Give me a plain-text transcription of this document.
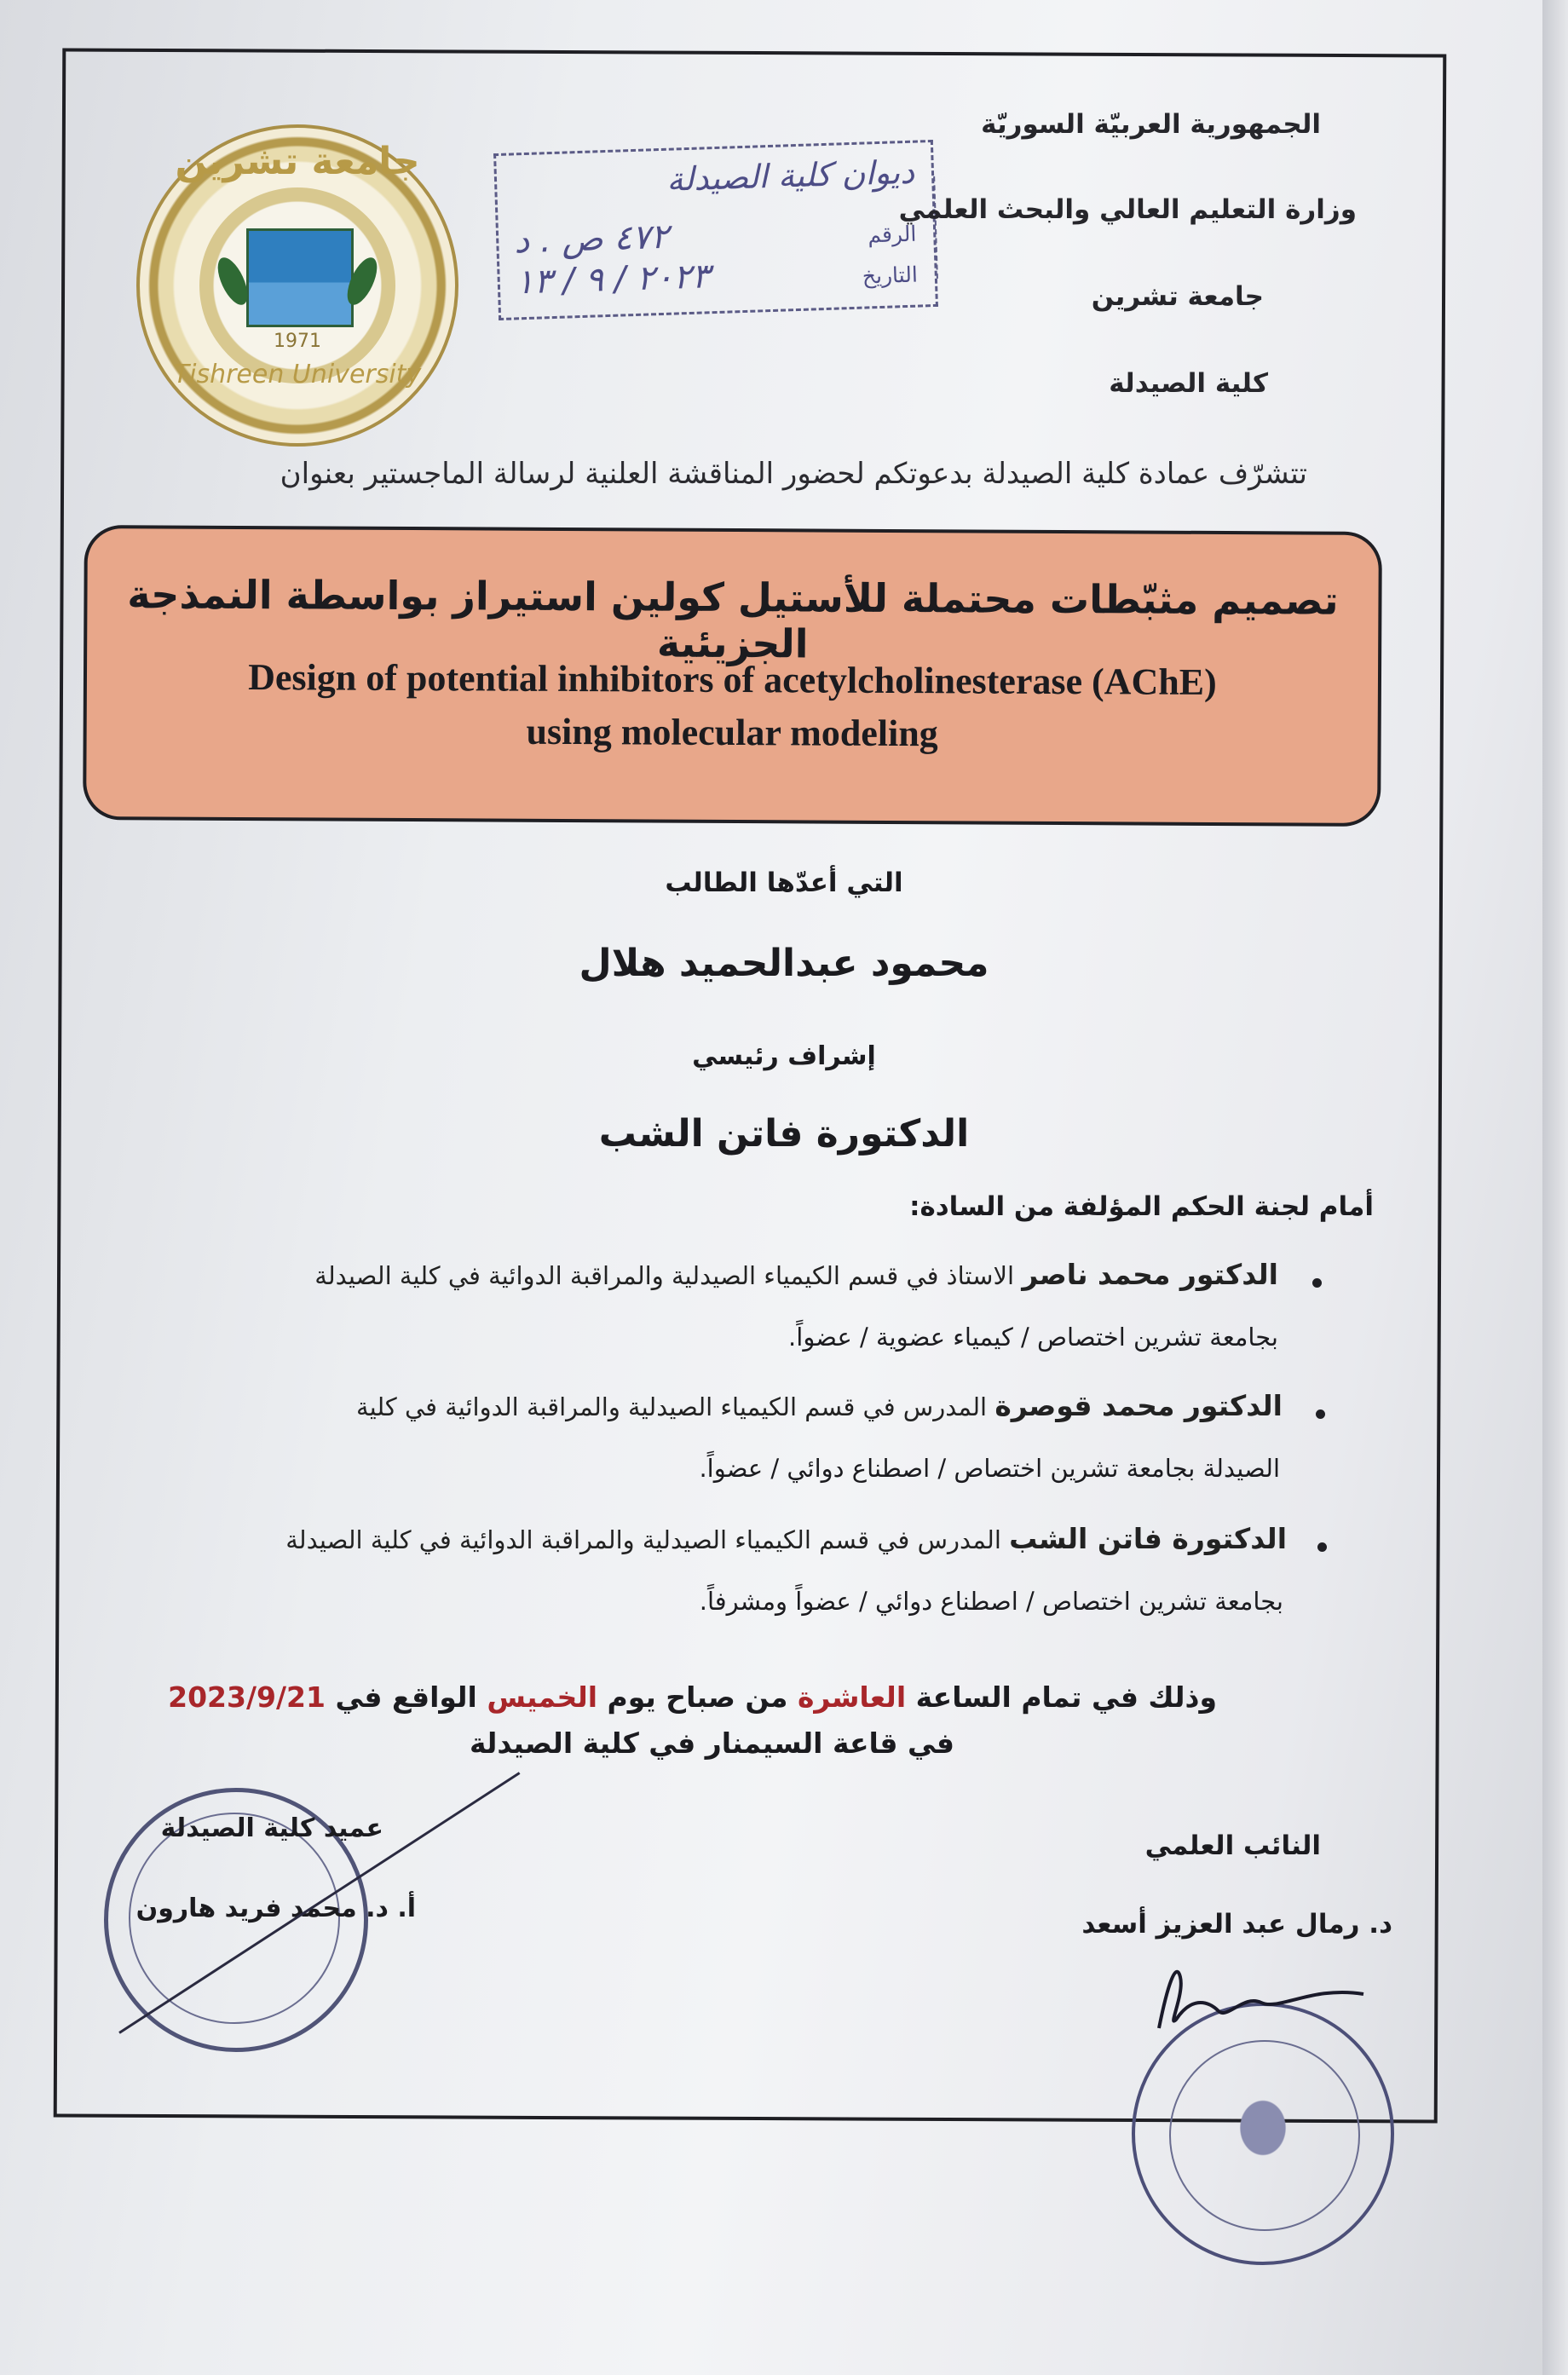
جامعة تشرين
1971
Tishreen University
ديوان كلية الصيدلة
الرقم
٤٧٢ ص . د
التاريخ
٢٠٢٣ / ٩ / ١٣
الجمهورية العربيّة السوريّة
وزارة التعليم العالي والبحث العلمي
جامعة تشرين
كلية الصيدلة
تتشرّف عمادة كلية الصيدلة بدعوتكم لحضور المناقشة العلنية لرسالة الماجستير بعنوان
تصميم مثبّطات محتملة للأستيل كولين استيراز بواسطة النمذجة الجزيئية
Design of potential inhibitors of acetylcholinesterase (AChE)
using molecular modeling
التي أعدّها الطالب
محمود عبدالحميد هلال
إشراف رئيسي
الدكتورة فاتن الشب
أمام لجنة الحكم المؤلفة من السادة:
الدكتور محمد ناصر الاستاذ في قسم الكيمياء الصيدلية والمراقبة الدوائية في كلية الصيدلة
بجامعة تشرين اختصاص / كيمياء عضوية / عضواً.
الدكتور محمد قوصرة المدرس في قسم الكيمياء الصيدلية والمراقبة الدوائية في كلية
الصيدلة بجامعة تشرين اختصاص / اصطناع دوائي / عضواً.
الدكتورة فاتن الشب المدرس في قسم الكيمياء الصيدلية والمراقبة الدوائية في كلية الصيدلة
بجامعة تشرين اختصاص / اصطناع دوائي / عضواً ومشرفاً.
وذلك في تمام الساعة العاشرة من صباح يوم الخميس الواقع في 2023/9/21
في قاعة السيمنار في كلية الصيدلة
عميد كلية الصيدلة
أ. د. محمد فريد هارون
النائب العلمي
د. رمال عبد العزيز أسعد
